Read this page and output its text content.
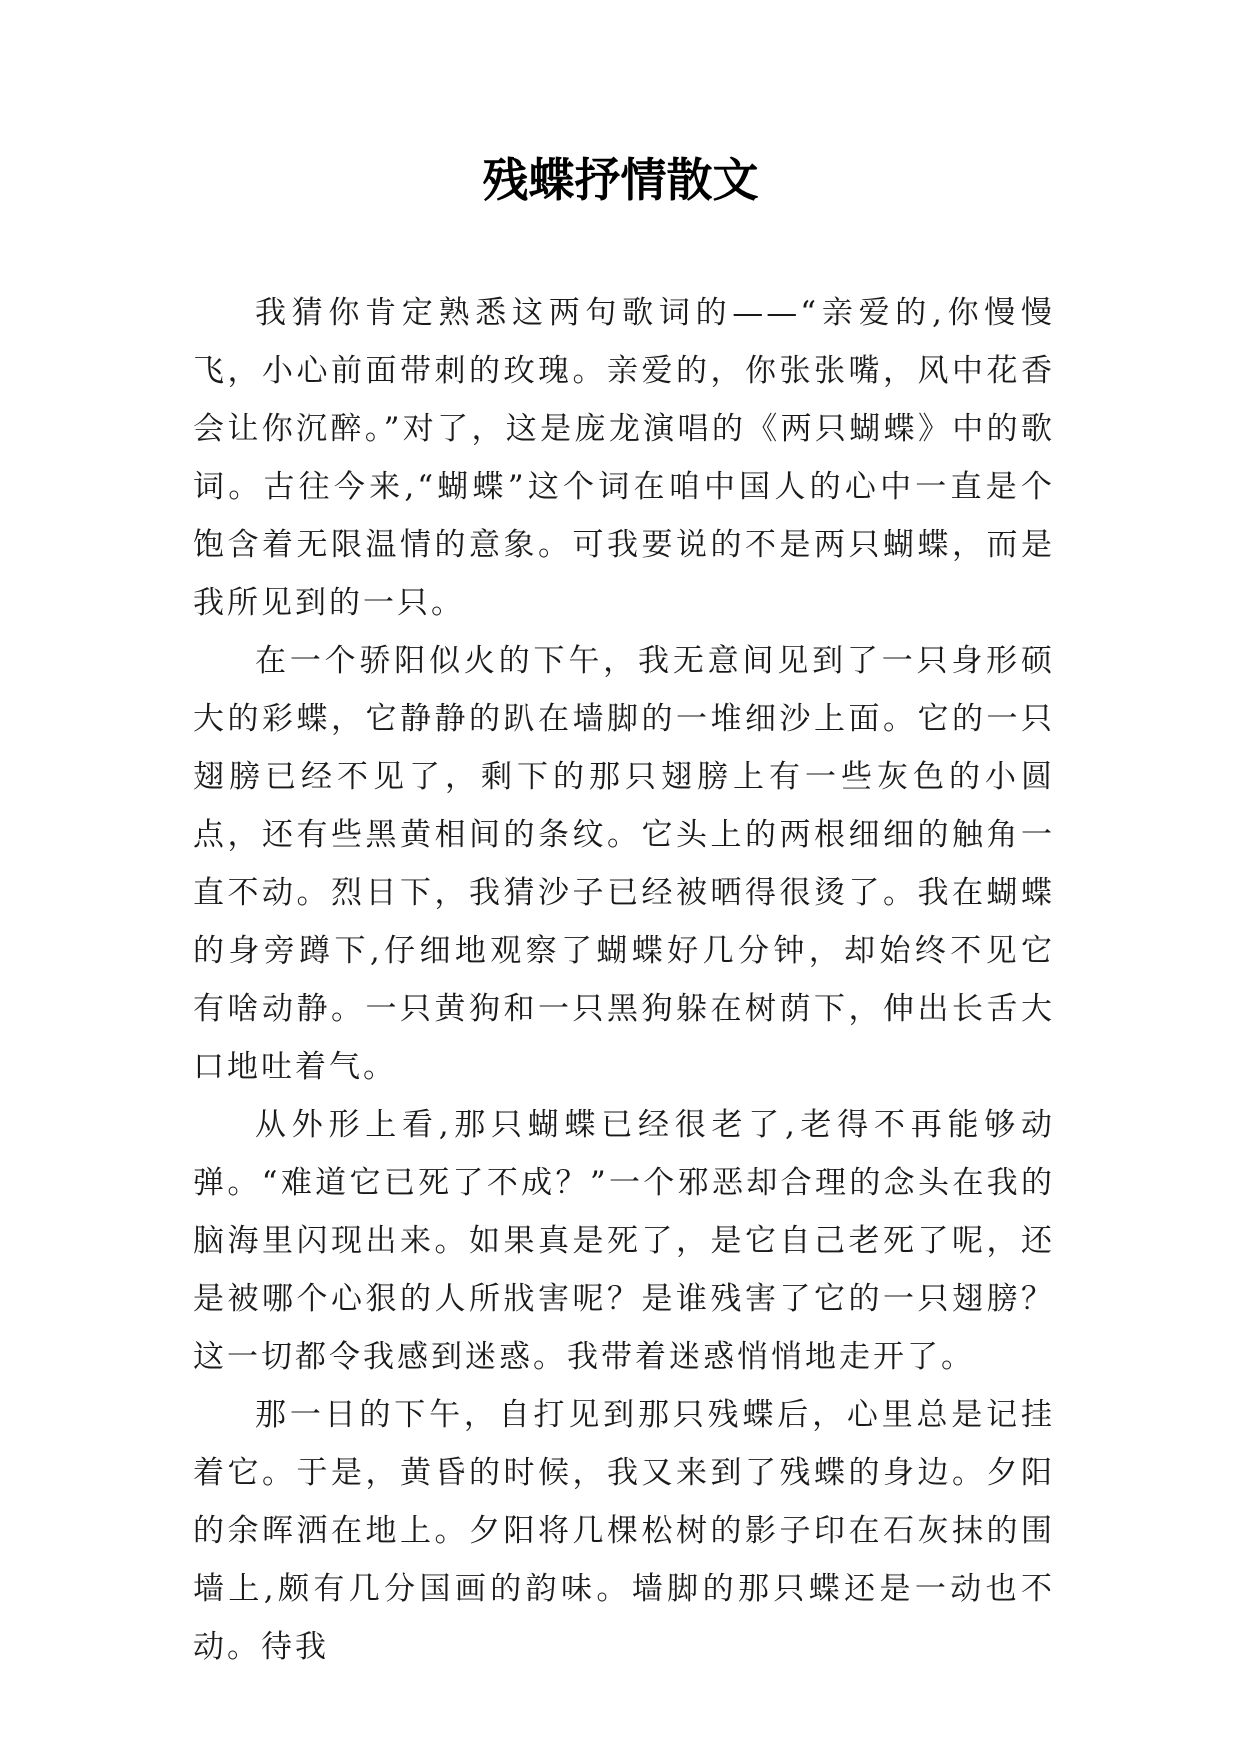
残蝶抒情散文

我猜你肯定熟悉这两句歌词的——“亲爱的,你慢慢飞，小心前面带刺的玫瑰。亲爱的，你张张嘴，风中花香会让你沉醉。”对了，这是庞龙演唱的《两只蝴蝶》中的歌词。古往今来,“蝴蝶”这个词在咱中国人的心中一直是个饱含着无限温情的意象。可我要说的不是两只蝴蝶，而是我所见到的一只。

在一个骄阳似火的下午，我无意间见到了一只身形硕大的彩蝶，它静静的趴在墙脚的一堆细沙上面。它的一只翅膀已经不见了，剩下的那只翅膀上有一些灰色的小圆点，还有些黑黄相间的条纹。它头上的两根细细的触角一直不动。烈日下，我猜沙子已经被晒得很烫了。我在蝴蝶的身旁蹲下,仔细地观察了蝴蝶好几分钟，却始终不见它有啥动静。一只黄狗和一只黑狗躲在树荫下，伸出长舌大口地吐着气。

从外形上看,那只蝴蝶已经很老了,老得不再能够动弹。“难道它已死了不成？”一个邪恶却合理的念头在我的脑海里闪现出来。如果真是死了，是它自己老死了呢，还是被哪个心狠的人所戕害呢？是谁残害了它的一只翅膀？这一切都令我感到迷惑。我带着迷惑悄悄地走开了。

那一日的下午，自打见到那只残蝶后，心里总是记挂着它。于是，黄昏的时候，我又来到了残蝶的身边。夕阳的余晖洒在地上。夕阳将几棵松树的影子印在石灰抹的围墙上,颇有几分国画的韵味。墙脚的那只蝶还是一动也不动。待我
